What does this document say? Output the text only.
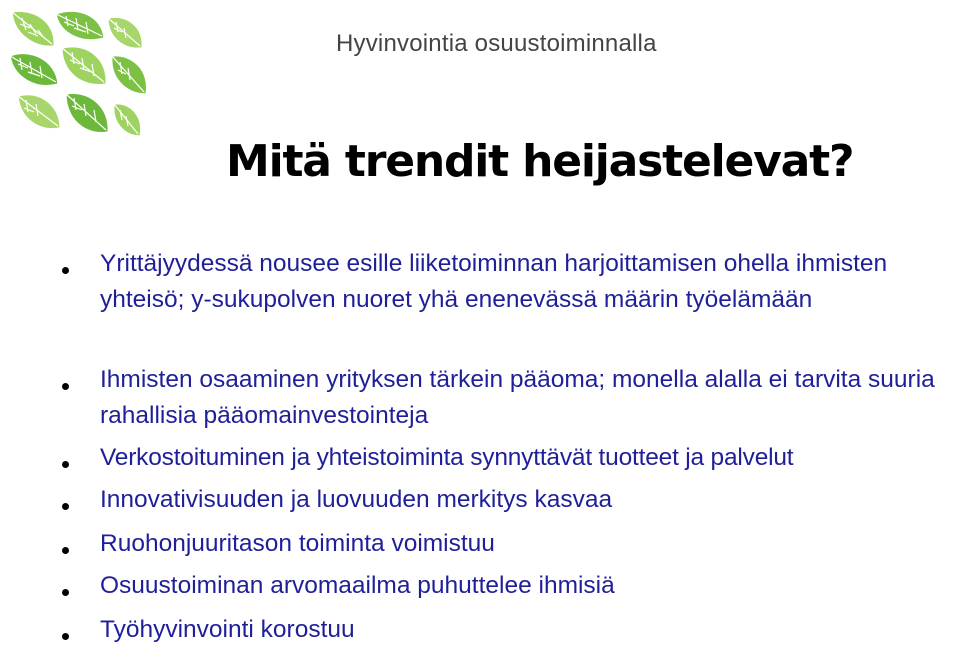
Hyvinvointia osuustoiminnalla
Mitä trendit heijastelevat?
Yrittäjyydessä nousee esille liiketoiminnan harjoittamisen ohella ihmisten yhteisö; y-sukupolven nuoret yhä enenevässä määrin työelämään
Ihmisten osaaminen yrityksen tärkein pääoma; monella alalla ei tarvita suuria rahallisia pääomainvestointeja
Verkostoituminen ja yhteistoiminta synnyttävät tuotteet ja palvelut
Innovativisuuden ja luovuuden merkitys kasvaa
Ruohonjuuritason toiminta voimistuu
Osuustoiminan arvomaailma puhuttelee ihmisiä
Työhyvinvointi korostuu
